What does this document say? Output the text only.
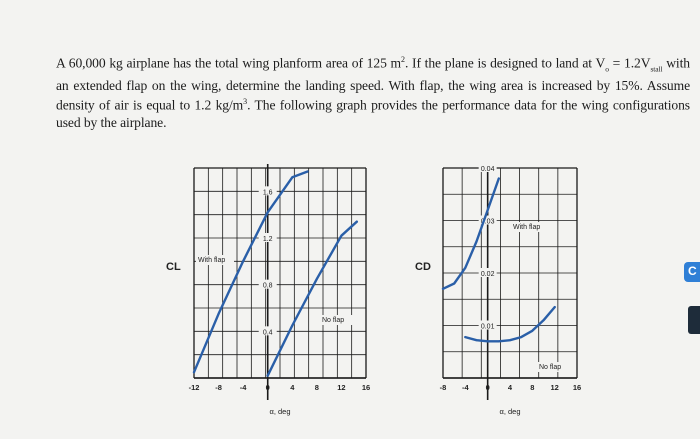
A 60,000 kg airplane has the total wing planform area of 125 $m^2$. If the plane is designed to land at $V_o = 1.2V_{stall}$ with an extended flap on the wing, determine the landing speed. With flap, the wing area is increased by 15%. Assume density of air is equal to 1.2 $kg/m^3$. The following graph provides the performance data for the wing configurations used by the airplane.
0.4
0.8
1.2
1.6
-12 -8 -4	0	4	8 12 16
CL
α, deg
With flap
No flap
0.01
0.02
0.03
0.04
-8 -4 0 4 8 12 16
CD
α, deg
With flap
No flap
C
